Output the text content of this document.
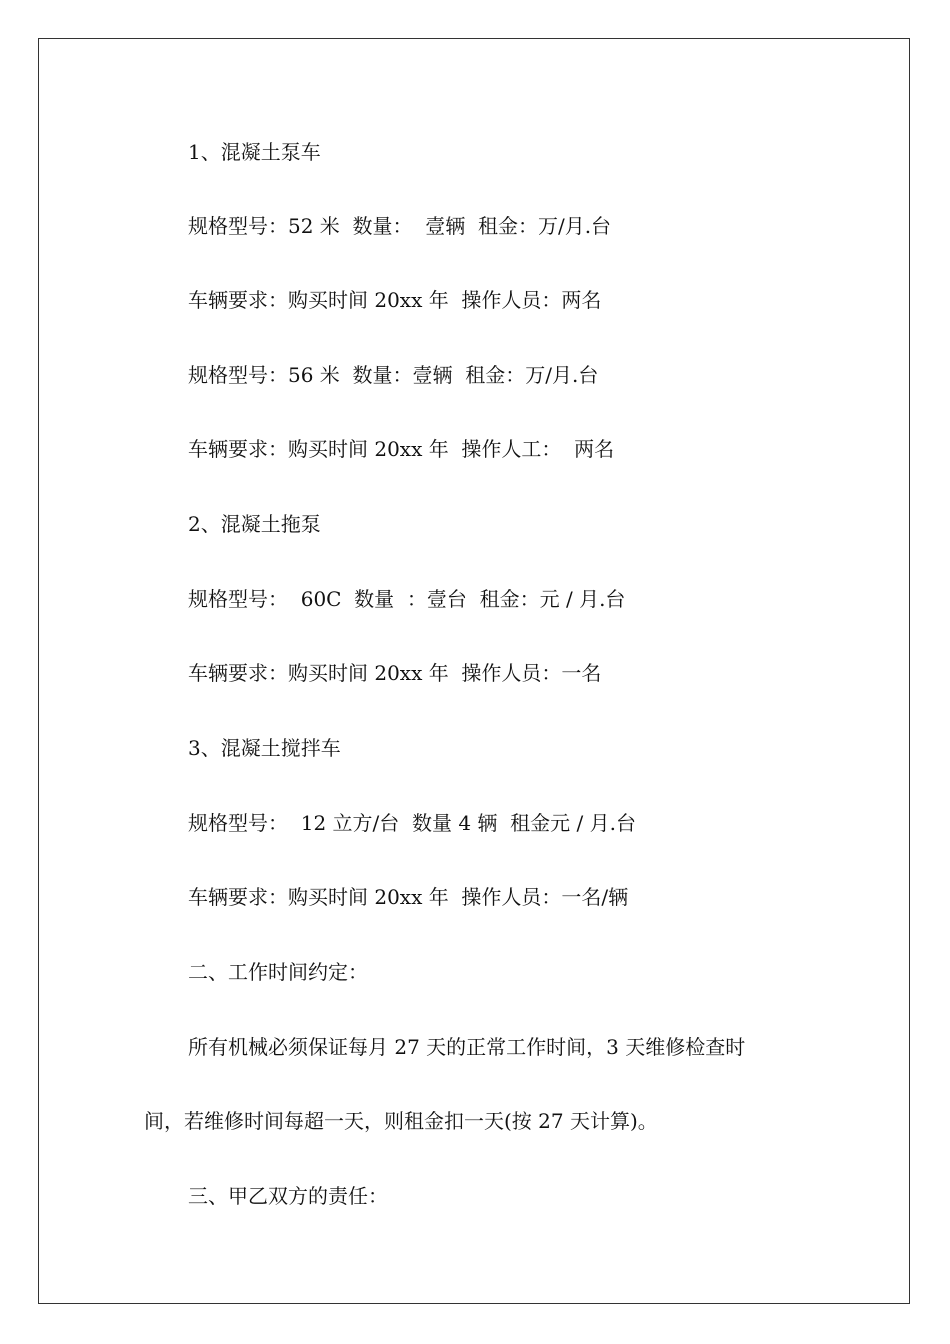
1、混凝土泵车
规格型号：52 米  数量：  壹辆  租金：万/月.台
车辆要求：购买时间 20xx 年  操作人员：两名
规格型号：56 米  数量：壹辆  租金：万/月.台
车辆要求：购买时间 20xx 年  操作人工：  两名
2、混凝土拖泵
规格型号：  60C  数量  ：壹台  租金：元 / 月.台
车辆要求：购买时间 20xx 年  操作人员：一名
3、混凝土搅拌车
规格型号：  12 立方/台  数量 4 辆  租金元 / 月.台
车辆要求：购买时间 20xx 年  操作人员：一名/辆
二、工作时间约定：
所有机械必须保证每月 27 天的正常工作时间，3 天维修检查时
间，若维修时间每超一天，则租金扣一天(按 27 天计算)。
三、甲乙双方的责任：
